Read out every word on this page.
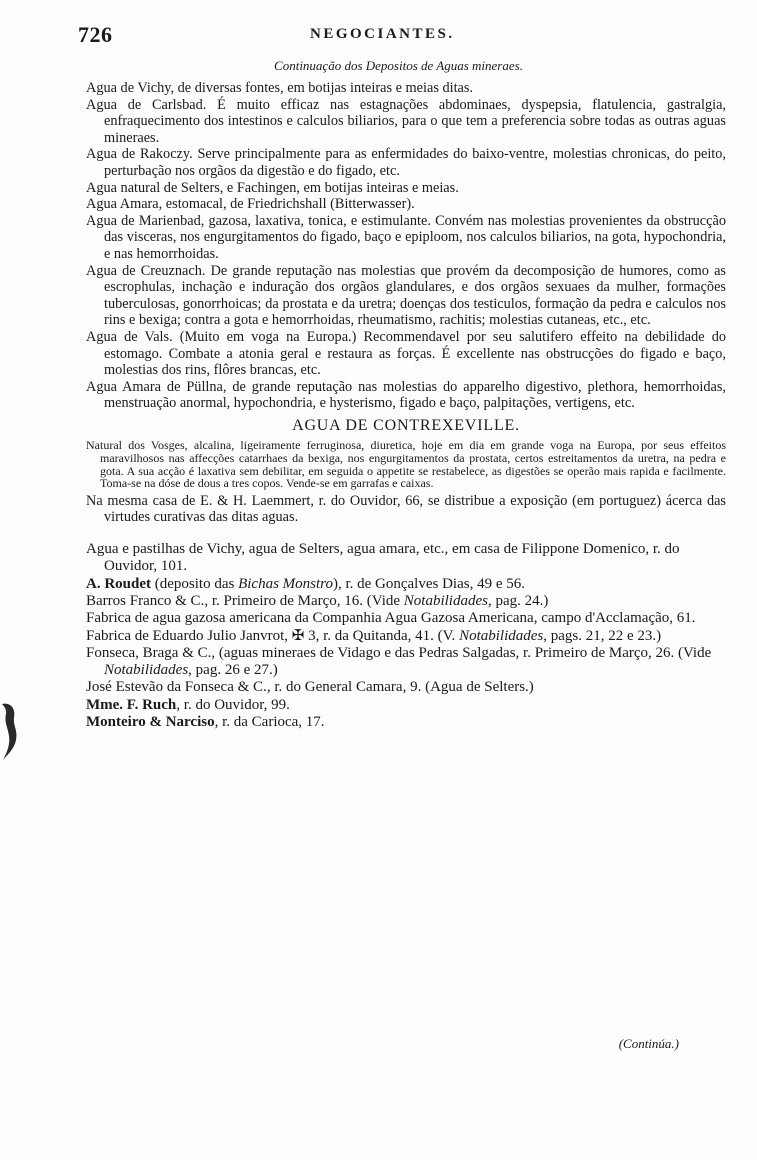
726	NEGOCIANTES.
Continuação dos Depositos de Aguas mineraes.

Agua de Vichy, de diversas fontes, em botijas inteiras e meias ditas.

Agua de Carlsbad. É muito efficaz nas estagnações abdominaes, dyspepsia, flatulencia, gastralgia, enfraquecimento dos intestinos e calculos biliarios, para o que tem a preferencia sobre todas as outras aguas mineraes.

Agua de Rakoczy. Serve principalmente para as enfermidades do baixo-ventre, molestias chronicas, do peito, perturbação nos orgãos da digestão e do figado, etc.

Agua natural de Selters, e Fachingen, em botijas inteiras e meias.

Agua Amara, estomacal, de Friedrichshall (Bitterwasser).

Agua de Marienbad, gazosa, laxativa, tonica, e estimulante. Convém nas molestias provenientes da obstrucção das visceras, nos engurgitamentos do figado, baço e epiploom, nos calculos biliarios, na gota, hypochondria, e nas hemorrhoidas.

Agua de Creuznach. De grande reputação nas molestias que provém da decomposição de humores, como as escrophulas, inchação e induração dos orgãos glandulares, e dos orgãos sexuaes da mulher, formações tuberculosas, gonorrhoicas; da prostata e da uretra; doenças dos testiculos, formação da pedra e calculos nos rins e bexiga; contra a gota e hemorrhoidas, rheumatismo, rachitis; molestias cutaneas, etc., etc.

Agua de Vals. (Muito em voga na Europa.) Recommendavel por seu salutifero effeito na debilidade do estomago. Combate a atonia geral e restaura as forças. É excellente nas obstrucções do figado e baço, molestias dos rins, flôres brancas, etc.

Agua Amara de Püllna, de grande reputação nas molestias do apparelho digestivo, plethora, hemorrhoidas, menstruação anormal, hypochondria, e hysterismo, figado e baço, palpitações, vertigens, etc.

AGUA DE CONTREXEVILLE.

Natural dos Vosges, alcalina, ligeiramente ferruginosa, diuretica, hoje em dia em grande voga na Europa, por seus effeitos maravilhosos nas affecções catarrhaes da bexiga, nos engurgitamentos da prostata, certos estreitamentos da uretra, na pedra e gota. A sua acção é laxativa sem debilitar, em seguida o appetite se restabelece, as digestões se operão mais rapida e facilmente. Toma-se na dóse de dous a tres copos. Vende-se em garrafas e caixas.

Na mesma casa de E. & H. Laemmert, r. do Ouvidor, 66, se distribue a exposição (em portuguez) ácerca das virtudes curativas das ditas aguas.

Agua e pastilhas de Vichy, agua de Selters, agua amara, etc., em casa de Filippone Domenico, r. do Ouvidor, 101.

A. Roudet (deposito das Bichas Monstro), r. de Gonçalves Dias, 49 e 56.

Barros Franco & C., r. Primeiro de Março, 16. (Vide Notabilidades, pag. 24.)

Fabrica de agua gazosa americana da Companhia Agua Gazosa Americana, campo d'Acclamação, 61.

Fabrica de Eduardo Julio Janvrot, ✠ 3, r. da Quitanda, 41. (V. Notabilidades, pags. 21, 22 e 23.)

Fonseca, Braga & C., (aguas mineraes de Vidago e das Pedras Salgadas, r. Primeiro de Março, 26. (Vide Notabilidades, pag. 26 e 27.)

José Estevão da Fonseca & C., r. do General Camara, 9. (Agua de Selters.)

Mme. F. Ruch, r. do Ouvidor, 99.

Monteiro & Narciso, r. da Carioca, 17.

(Continúa.)
